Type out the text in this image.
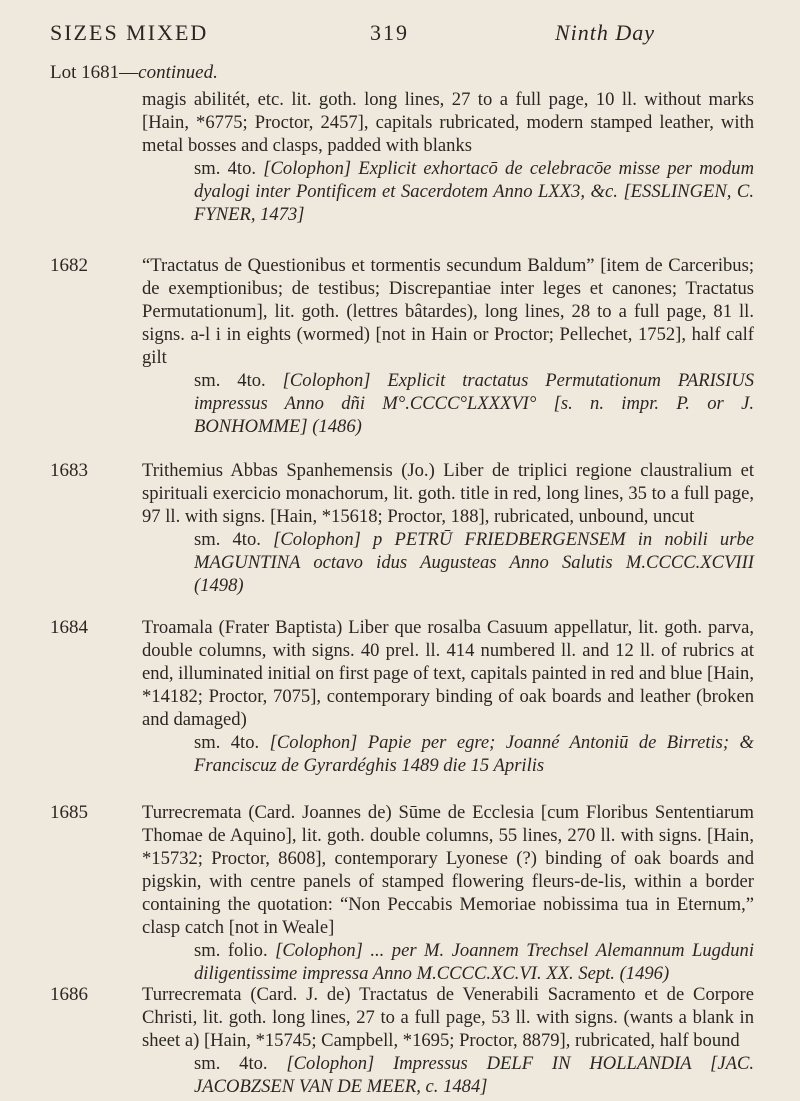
SIZES MIXED	319	Ninth Day
Lot 1681—continued.

magis abilitét, etc. lit. goth. long lines, 27 to a full page, 10 ll. without marks [Hain, *6775; Proctor, 2457], capitals rubricated, modern stamped leather, with metal bosses and clasps, padded with blanks

sm. 4to. [Colophon] Explicit exhortacō de celebracōe misse per modum dyalogi inter Pontificem et Sacerdotem Anno LXX3, &c. [ESSLINGEN, C. FYNER, 1473]

1682	“Tractatus de Questionibus et tormentis secundum Baldum” [item de Carceribus; de exemptionibus; de testibus; Discrepantiae inter leges et canones; Tractatus Permutationum], lit. goth. (lettres bâtardes), long lines, 28 to a full page, 81 ll. signs. a-l i in eights (wormed) [not in Hain or Proctor; Pellechet, 1752], half calf gilt

sm. 4to. [Colophon] Explicit tractatus Permutationum PARISIUS impressus Anno dñi M°.CCCC°LXXXVI° [s. n. impr. P. or J. BONHOMME] (1486)

1683	Trithemius Abbas Spanhemensis (Jo.) Liber de triplici regione claustralium et spirituali exercicio monachorum, lit. goth. title in red, long lines, 35 to a full page, 97 ll. with signs. [Hain, *15618; Proctor, 188], rubricated, unbound, uncut

sm. 4to. [Colophon] p PETRŪ FRIEDBERGENSEM in nobili urbe MAGUNTINA octavo idus Augusteas Anno Salutis M.CCCC.XCVIII (1498)

1684	Troamala (Frater Baptista) Liber que rosalba Casuum appellatur, lit. goth. parva, double columns, with signs. 40 prel. ll. 414 numbered ll. and 12 ll. of rubrics at end, illuminated initial on first page of text, capitals painted in red and blue [Hain, *14182; Proctor, 7075], contemporary binding of oak boards and leather (broken and damaged)

sm. 4to. [Colophon] Papie per egre; Joanné Antoniū de Birretis; & Franciscuz de Gyrardéghis 1489 die 15 Aprilis

1685	Turrecremata (Card. Joannes de) Sūme de Ecclesia [cum Floribus Sententiarum Thomae de Aquino], lit. goth. double columns, 55 lines, 270 ll. with signs. [Hain, *15732; Proctor, 8608], contemporary Lyonese (?) binding of oak boards and pigskin, with centre panels of stamped flowering fleurs-de-lis, within a border containing the quotation: “Non Peccabis Memoriae nobissima tua in Eternum,” clasp catch [not in Weale]

sm. folio. [Colophon] ... per M. Joannem Trechsel Alemannum Lugduni diligentissime impressa Anno M.CCCC.XC.VI. XX. Sept. (1496)

1686	Turrecremata (Card. J. de) Tractatus de Venerabili Sacramento et de Corpore Christi, lit. goth. long lines, 27 to a full page, 53 ll. with signs. (wants a blank in sheet a) [Hain, *15745; Campbell, *1695; Proctor, 8879], rubricated, half bound

sm. 4to. [Colophon] Impressus DELF IN HOLLANDIA [JAC. JACOBZSEN VAN DE MEER, c. 1484]
